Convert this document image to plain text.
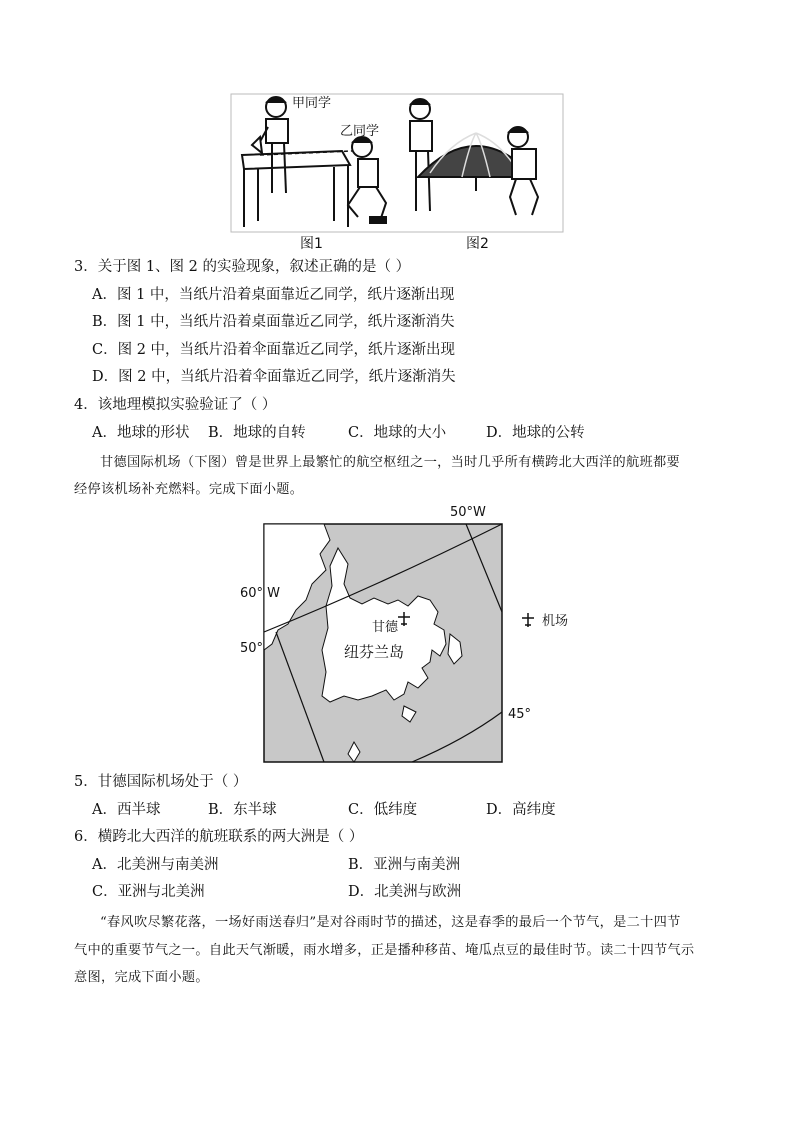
甲同学
乙同学
图1	图2
3．关于图 1、图 2 的实验现象，叙述正确的是（ ）
A．图 1 中，当纸片沿着桌面靠近乙同学，纸片逐渐出现
B．图 1 中，当纸片沿着桌面靠近乙同学，纸片逐渐消失
C．图 2 中，当纸片沿着伞面靠近乙同学，纸片逐渐出现
D．图 2 中，当纸片沿着伞面靠近乙同学，纸片逐渐消失
4．该地理模拟实验验证了（ ）
A．地球的形状 B．地球的自转	C．地球的大小	D．地球的公转
甘德国际机场（下图）曾是世界上最繁忙的航空枢纽之一，当时几乎所有横跨北大西洋的航班都要
经停该机场补充燃料。完成下面小题。
50°W
60° W
50°
45°
甘德
纽芬兰岛
机场
5．甘德国际机场处于（ ）
A．西半球	B．东半球	C．低纬度	D．高纬度
6．横跨北大西洋的航班联系的两大洲是（ ）
A．北美洲与南美洲	B．亚洲与南美洲
C．亚洲与北美洲	D．北美洲与欧洲
“春风吹尽繁花落，一场好雨送春归”是对谷雨时节的描述，这是春季的最后一个节气，是二十四节
气中的重要节气之一。自此天气渐暖，雨水增多，正是播种移苗、埯瓜点豆的最佳时节。读二十四节气示
意图，完成下面小题。
